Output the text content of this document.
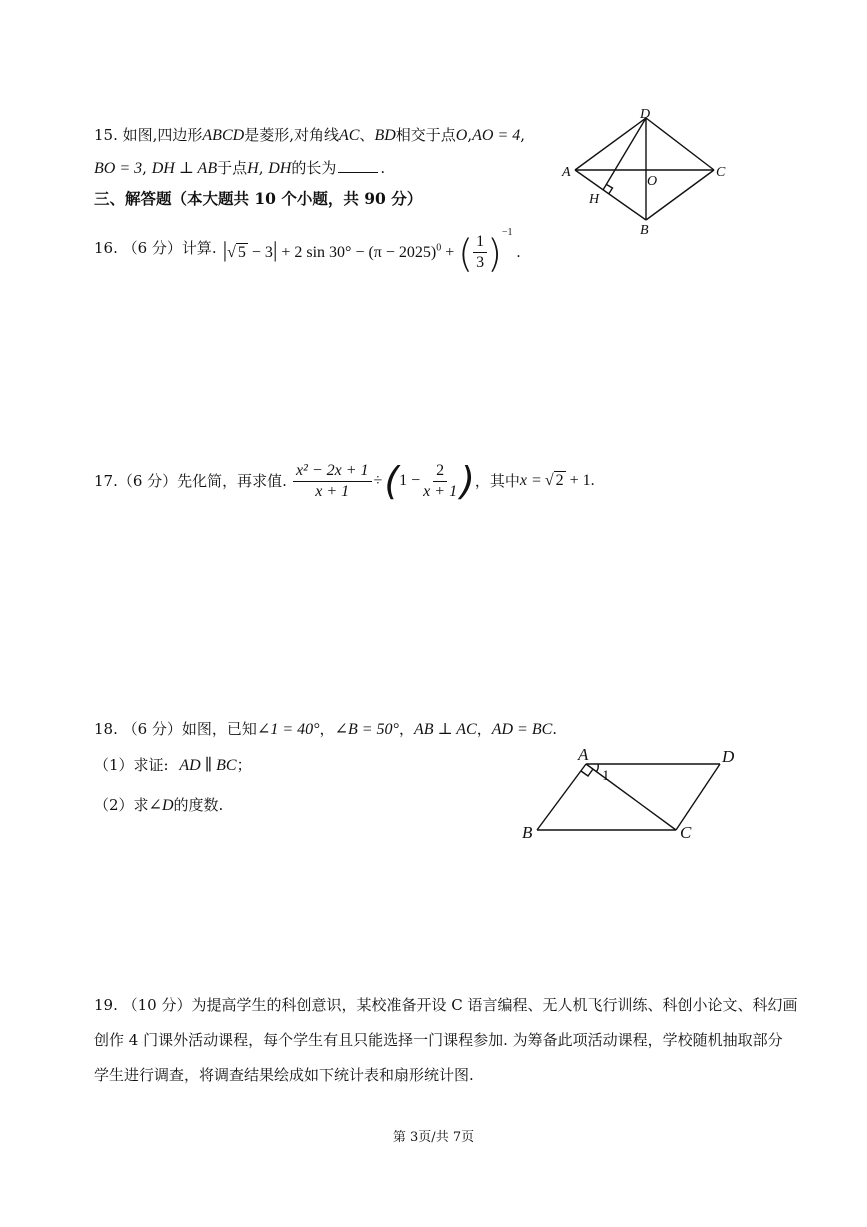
15. 如图,四边形ABCD是菱形,对角线AC、BD相交于点O,AO = 4,
BO = 3, DH ⊥ AB于点H, DH的长为	.
D
A
O
C
H
B
三、解答题（本大题共 10 个小题，共 90 分）
16. （6 分）计算. |√ 5 − 3| + 2 $\sin 30^\circ - (\pi - 2025)^0$ + ( $\frac{1}{3} )^{-1}$ .
17.（6 分）先化简，再求值. $\frac{\text{x² − 2x + 1}}{x + 1}$ ÷ ( $1 - \frac{2}{x + 1}$ ) ，其中 x = √ 2 + 1.
18. （6 分）如图，已知∠1 = 40°，∠B = 50°，AB ⊥ AC，AD = BC.
（1）求证: AD ∥ BC；
（2）求∠D的度数.
A	D
1
B	C
19. （10 分）为提高学生的科创意识，某校准备开设 C 语言编程、无人机飞行训练、科创小论文、科幻画
创作 4 门课外活动课程，每个学生有且只能选择一门课程参加. 为筹备此项活动课程，学校随机抽取部分
学生进行调查，将调查结果绘成如下统计表和扇形统计图.
第 3页/共 7页
